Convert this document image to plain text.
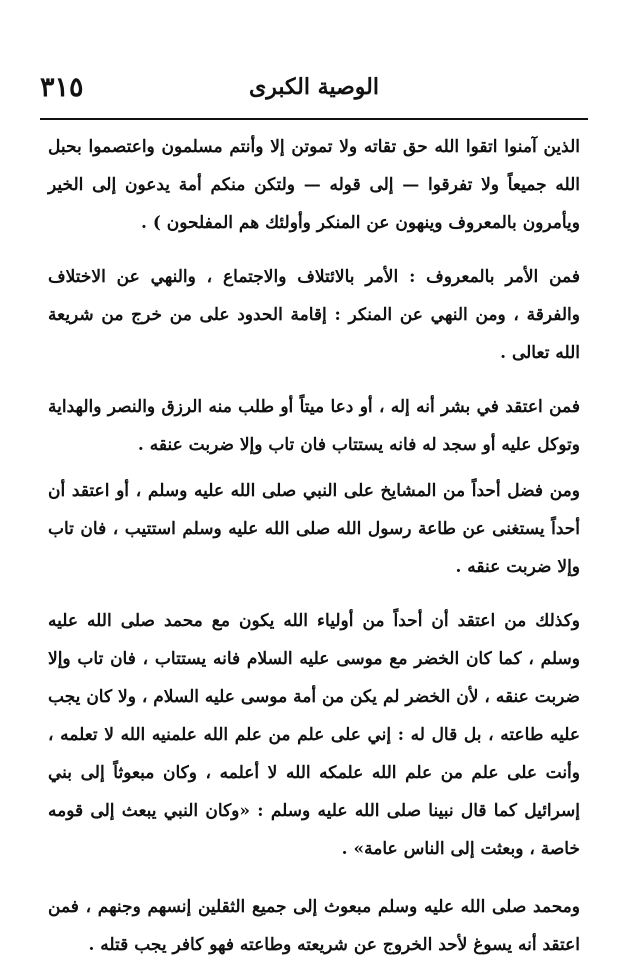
الوصية الكبرى
٣١٥

الذين آمنوا اتقوا الله حق تقاته ولا تموتن إلا وأنتم مسلمون واعتصموا بحبل الله جميعاً ولا تفرقوا — إلى قوله — ولتكن منكم أمة يدعون إلى الخير ويأمرون بالمعروف وينهون عن المنكر وأولئك هم المفلحون ) .

فمن الأمر بالمعروف : الأمر بالائتلاف والاجتماع ، والنهي عن الاختلاف والفرقة ، ومن النهي عن المنكر : إقامة الحدود على من خرج من شريعة الله تعالى .

فمن اعتقد في بشر أنه إله ، أو دعا ميتاً أو طلب منه الرزق والنصر والهداية وتوكل عليه أو سجد له فانه يستتاب فان تاب وإلا ضربت عنقه .

ومن فضل أحداً من المشايخ على النبي صلى الله عليه وسلم ، أو اعتقد أن أحداً يستغنى عن طاعة رسول الله صلى الله عليه وسلم استتيب ، فان تاب وإلا ضربت عنقه .

وكذلك من اعتقد أن أحداً من أولياء الله يكون مع محمد صلى الله عليه وسلم ، كما كان الخضر مع موسى عليه السلام فانه يستتاب ، فان تاب وإلا ضربت عنقه ، لأن الخضر لم يكن من أمة موسى عليه السلام ، ولا كان يجب عليه طاعته ، بل قال له : إني على علم من علم الله علمنيه الله لا تعلمه ، وأنت على علم من علم الله علمكه الله لا أعلمه ، وكان مبعوثاً إلى بني إسرائيل كما قال نبينا صلى الله عليه وسلم : «وكان النبي يبعث إلى قومه خاصة ، وبعثت إلى الناس عامة» .

ومحمد صلى الله عليه وسلم مبعوث إلى جميع الثقلين إنسهم وجنهم ، فمن اعتقد أنه يسوغ لأحد الخروج عن شريعته وطاعته فهو كافر يجب قتله .
